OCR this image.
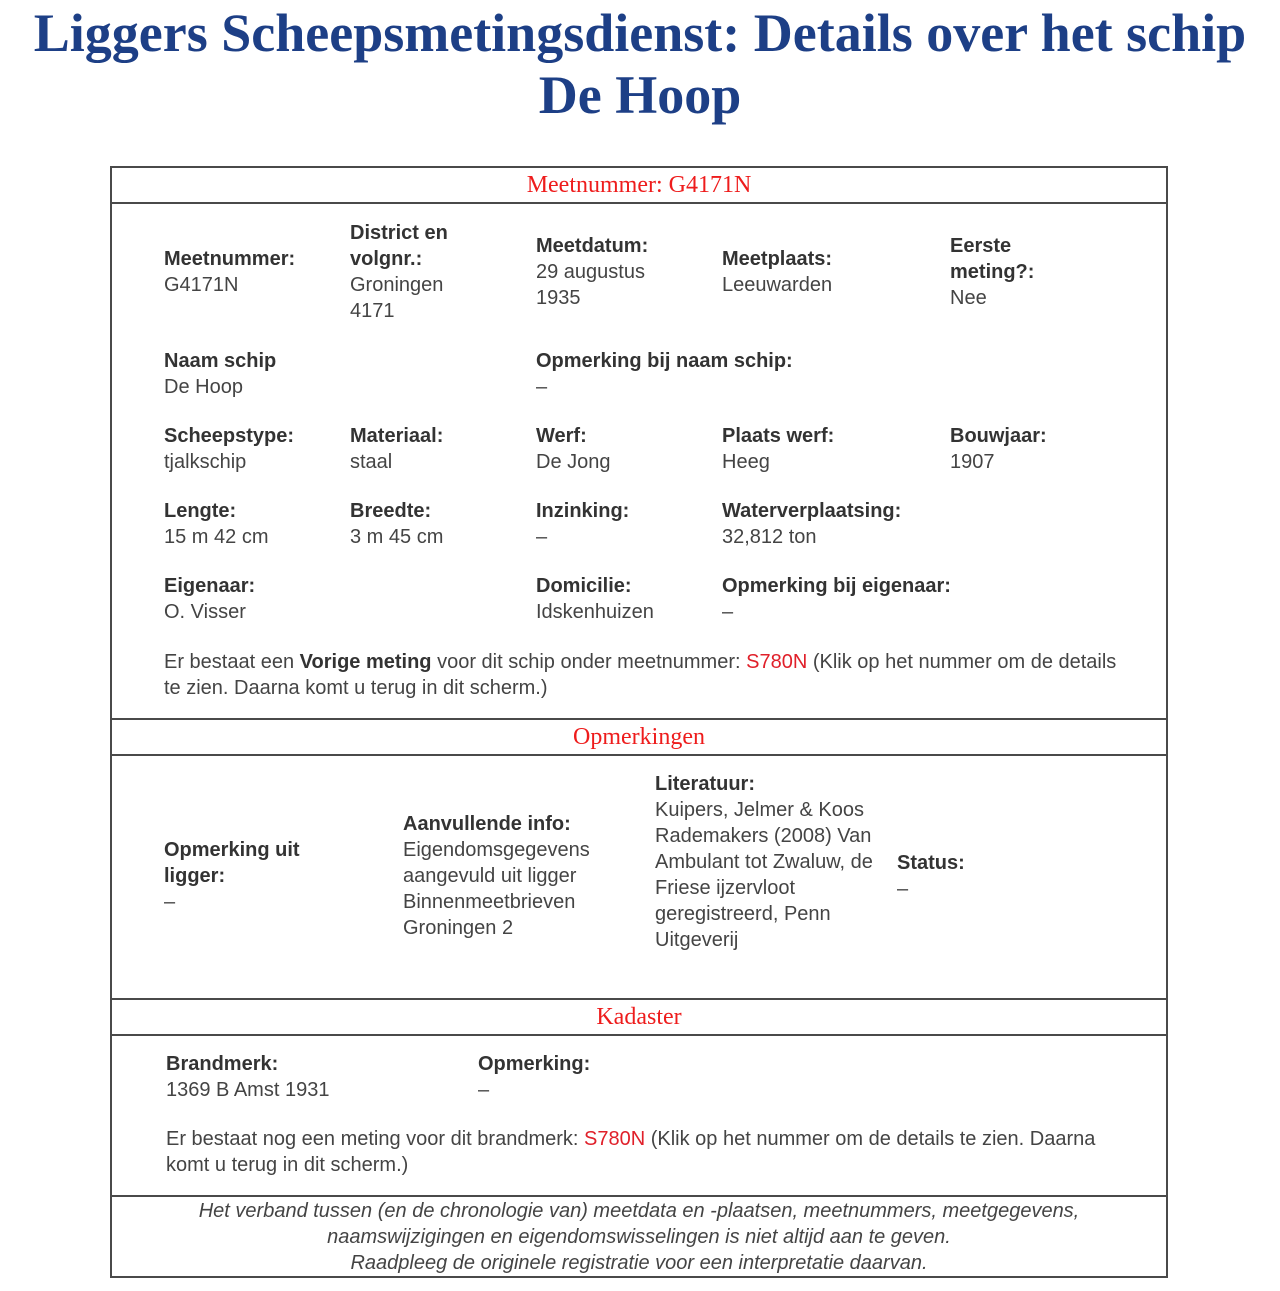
Liggers Scheepsmetingsdienst: Details over het schip De Hoop
Meetnummer: G4171N
Meetnummer:
G4171N
District en volgnr.:
Groningen 4171
Meetdatum:
29 augustus 1935
Meetplaats:
Leeuwarden
Eerste meting?:
Nee
Naam schip
De Hoop
Opmerking bij naam schip:
–
Scheepstype:
tjalkschip
Materiaal:
staal
Werf:
De Jong
Plaats werf:
Heeg
Bouwjaar:
1907
Lengte:
15 m 42 cm
Breedte:
3 m 45 cm
Inzinking:
–
Waterverplaatsing:
32,812 ton
Eigenaar:
O. Visser
Domicilie:
Idskenhuizen
Opmerking bij eigenaar:
–
Er bestaat een Vorige meting voor dit schip onder meetnummer: S780N (Klik op het nummer om de details te zien. Daarna komt u terug in dit scherm.)
Opmerkingen
Opmerking uit ligger:
–
Aanvullende info:
Eigendomsgegevens aangevuld uit ligger Binnenmeetbrieven Groningen 2
Literatuur:
Kuipers, Jelmer & Koos Rademakers (2008) Van Ambulant tot Zwaluw, de Friese ijzervloot geregistreerd, Penn Uitgeverij
Status:
–
Kadaster
Brandmerk:
1369 B Amst 1931
Opmerking:
–
Er bestaat nog een meting voor dit brandmerk: S780N (Klik op het nummer om de details te zien. Daarna komt u terug in dit scherm.)
Het verband tussen (en de chronologie van) meetdata en -plaatsen, meetnummers, meetgegevens,
naamswijzigingen en eigendomswisselingen is niet altijd aan te geven.
Raadpleeg de originele registratie voor een interpretatie daarvan.
